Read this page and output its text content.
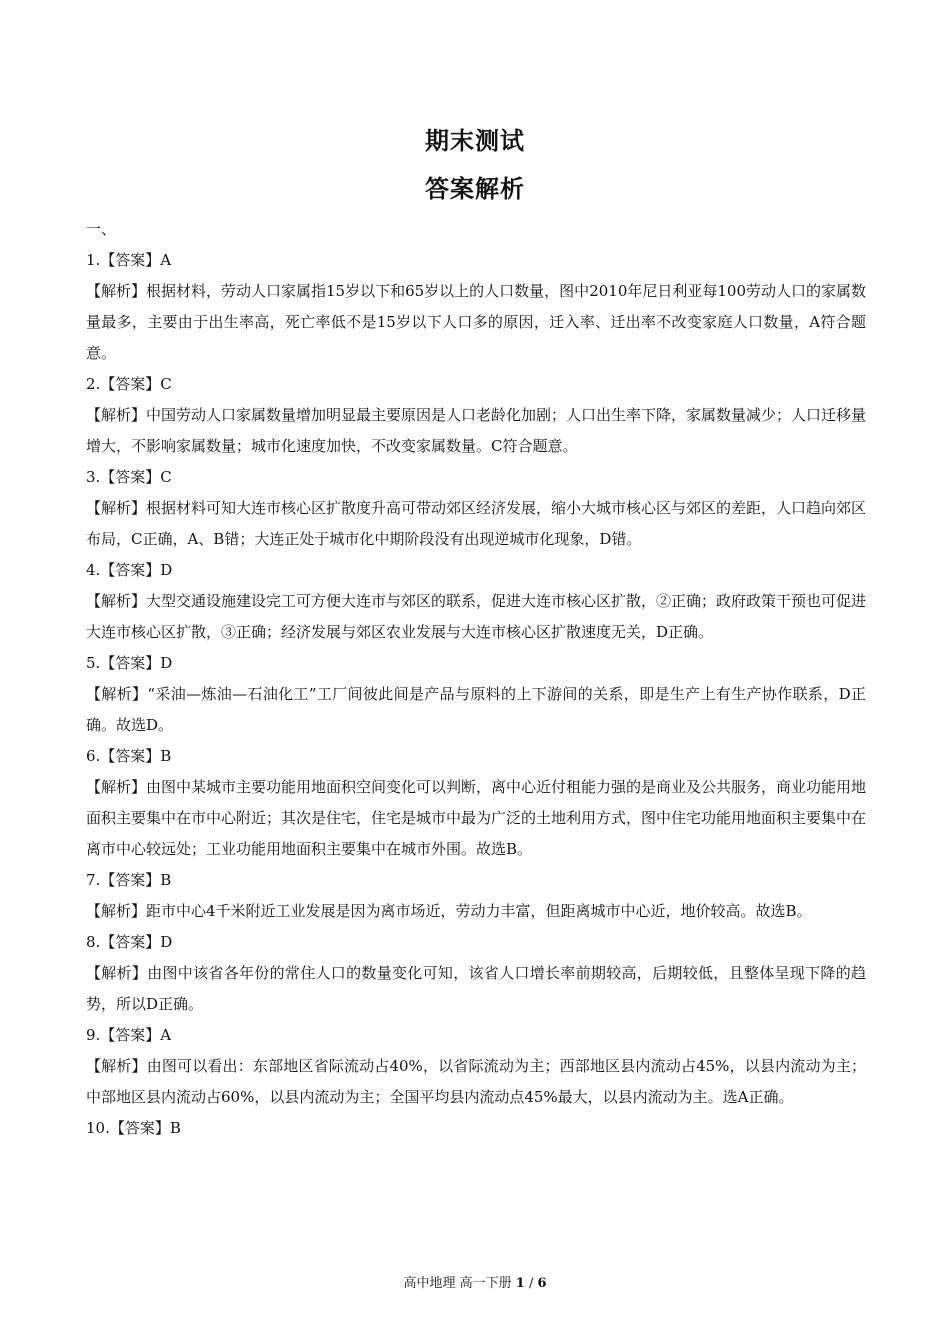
期末测试
答案解析

一、

1.【答案】A

【解析】根据材料，劳动人口家属指15岁以下和65岁以上的人口数量，图中2010年尼日利亚每100劳动人口的家属数量最多，主要由于出生率高，死亡率低不是15岁以下人口多的原因，迁入率、迁出率不改变家庭人口数量，A符合题意。

2.【答案】C

【解析】中国劳动人口家属数量增加明显最主要原因是人口老龄化加剧；人口出生率下降，家属数量减少；人口迁移量增大，不影响家属数量；城市化速度加快，不改变家属数量。C符合题意。

3.【答案】C

【解析】根据材料可知大连市核心区扩散度升高可带动郊区经济发展，缩小大城市核心区与郊区的差距，人口趋向郊区布局，C正确，A、B错；大连正处于城市化中期阶段没有出现逆城市化现象，D错。

4.【答案】D

【解析】大型交通设施建设完工可方便大连市与郊区的联系，促进大连市核心区扩散，②正确；政府政策干预也可促进大连市核心区扩散，③正确；经济发展与郊区农业发展与大连市核心区扩散速度无关，D正确。

5.【答案】D

【解析】“采油—炼油—石油化工”工厂间彼此间是产品与原料的上下游间的关系，即是生产上有生产协作联系，D正确。故选D。

6.【答案】B

【解析】由图中某城市主要功能用地面积空间变化可以判断，离中心近付租能力强的是商业及公共服务，商业功能用地面积主要集中在市中心附近；其次是住宅，住宅是城市中最为广泛的土地利用方式，图中住宅功能用地面积主要集中在离市中心较远处；工业功能用地面积主要集中在城市外围。故选B。

7.【答案】B

【解析】距市中心4千米附近工业发展是因为离市场近，劳动力丰富，但距离城市中心近，地价较高。故选B。

8.【答案】D

【解析】由图中该省各年份的常住人口的数量变化可知，该省人口增长率前期较高，后期较低，且整体呈现下降的趋势，所以D正确。

9.【答案】A

【解析】由图可以看出：东部地区省际流动占40%，以省际流动为主；西部地区县内流动占45%，以县内流动为主；中部地区县内流动占60%，以县内流动为主；全国平均县内流动点45%最大，以县内流动为主。选A正确。

10.【答案】B

高中地理 高一下册 1 / 6
